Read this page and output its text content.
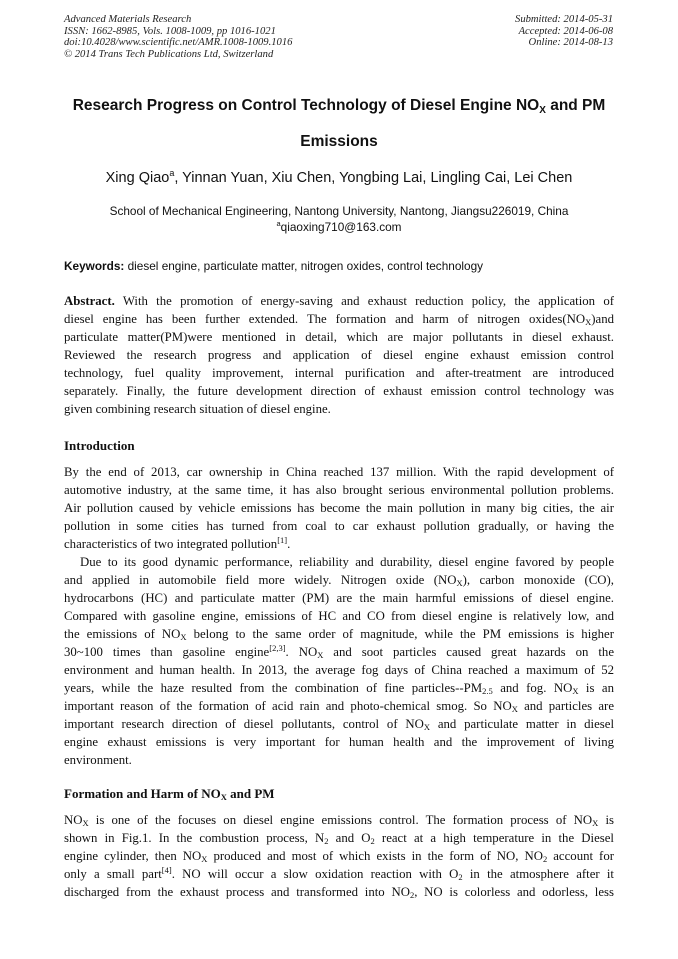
Advanced Materials Research
ISSN: 1662-8985, Vols. 1008-1009, pp 1016-1021
doi:10.4028/www.scientific.net/AMR.1008-1009.1016
© 2014 Trans Tech Publications Ltd, Switzerland
Submitted: 2014-05-31
Accepted: 2014-06-08
Online: 2014-08-13
Research Progress on Control Technology of Diesel Engine $NO_X$ and PM
Emissions
Xing Qiao$^a$, Yinnan Yuan, Xiu Chen, Yongbing Lai, Lingling Cai, Lei Chen
School of Mechanical Engineering, Nantong University, Nantong, Jiangsu226019, China
$^a$qiaoxing710@163.com
Keywords: diesel engine, particulate matter, nitrogen oxides, control technology
Abstract. With the promotion of energy-saving and exhaust reduction policy, the application of
diesel engine has been further extended. The formation and harm of nitrogen $oxides(NO_X)and$
particulate matter(PM)were mentioned in detail, which are major pollutants in diesel exhaust.
Reviewed the research progress and application of diesel engine exhaust emission control
technology, fuel quality improvement, internal purification and after-treatment are introduced
separately. Finally, the future development direction of exhaust emission control technology was
given combining research situation of diesel engine.

Introduction

By the end of 2013, car ownership in China reached 137 million. With the rapid development of
automotive industry, at the same time, it has also brought serious environmental pollution problems.
Air pollution caused by vehicle emissions has become the main pollution in many big cities, the air
pollution in some cities has turned from coal to car exhaust pollution gradually, or having the
characteristics of two integrated pollution[1].
Due to its good dynamic performance, reliability and durability, diesel engine favored by people
and applied in automobile field more widely. Nitrogen oxide $(NO_X)$, carbon monoxide (CO),
hydrocarbons (HC) and particulate matter (PM) are the main harmful emissions of diesel engine.
Compared with gasoline engine, emissions of HC and CO from diesel engine is relatively low, and
the emissions of $NO_X$ belong to the same order of magnitude, while the PM emissions is higher
30~100 times than gasoline engine[2,3]. $NO_X$ and soot particles caused great hazards on the
environment and human health. In 2013, the average fog days of China reached a maximum of 52
years, while the haze resulted from the combination of fine particles-$-PM_{2.5}$ and fog. $NO_X$ is an
important reason of the formation of acid rain and photo-chemical smog. So $NO_X$ and particles are
important research direction of diesel pollutants, control of $NO_X$ and particulate matter in diesel
engine exhaust emissions is very important for human health and the improvement of living
environment.

Formation and Harm of $NO_X$ and PM

$NO_X$ is one of the focuses on diesel engine emissions control. The formation process of $NO_X$ is
shown in Fig.1. In the combustion process, $N_2$ and $O_2$ react at a high temperature in the Diesel
engine cylinder, then $NO_X$ produced and most of which exists in the form of NO, $NO_2$ account for
only a small part[4]. NO will occur a slow oxidation reaction with $O_2$ in the atmosphere after it
discharged from the exhaust process and transformed into $NO_2$, NO is colorless and odorless, less
